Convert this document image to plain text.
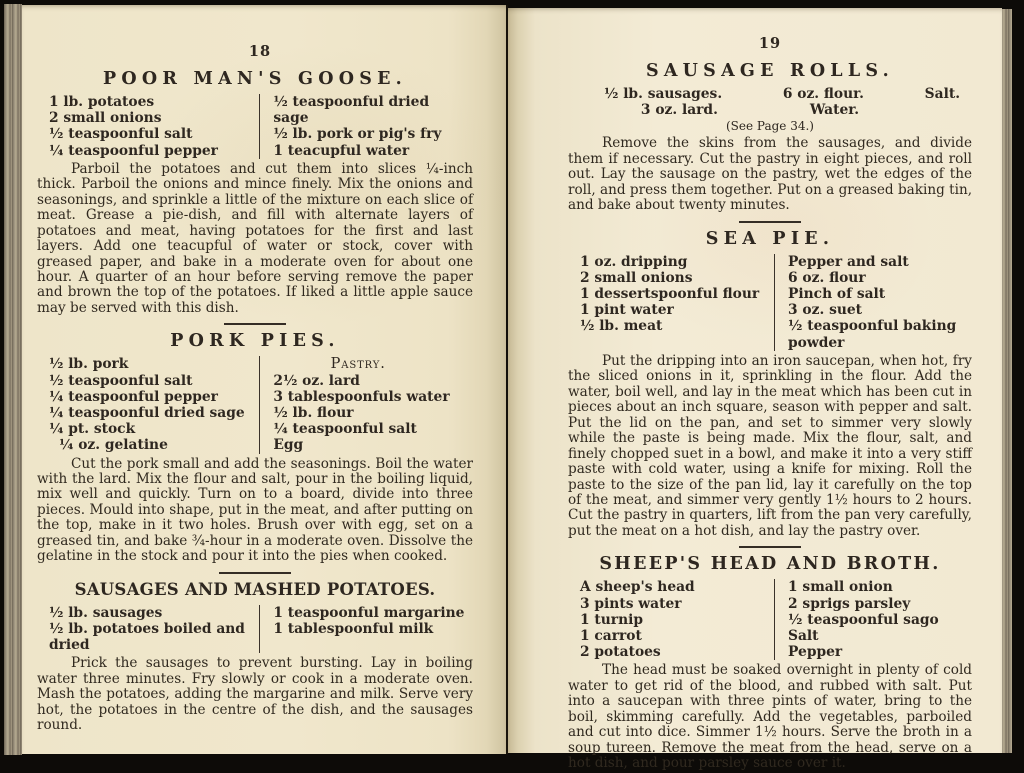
18
POOR MAN'S GOOSE.
1 lb. potatoes
2 small onions
½ teaspoonful salt
¼ teaspoonful pepper
½ teaspoonful dried sage
½ lb. pork or pig's fry
1 teacupful water

Parboil the potatoes and cut them into slices ¼-inch thick. Parboil the onions and mince finely. Mix the onions and seasonings, and sprinkle a little of the mixture on each slice of meat. Grease a pie-dish, and fill with alternate layers of potatoes and meat, having potatoes for the first and last layers. Add one teacupful of water or stock, cover with greased paper, and bake in a moderate oven for about one hour. A quarter of an hour before serving remove the paper and brown the top of the potatoes. If liked a little apple sauce may be served with this dish.

PORK PIES.
½ lb. pork
½ teaspoonful salt
¼ teaspoonful pepper
¼ teaspoonful dried sage
¼ pt. stock
¼ oz. gelatine
Pastry.
2½ oz. lard
3 tablespoonfuls water
½ lb. flour
¼ teaspoonful salt
Egg

Cut the pork small and add the seasonings. Boil the water with the lard. Mix the flour and salt, pour in the boiling liquid, mix well and quickly. Turn on to a board, divide into three pieces. Mould into shape, put in the meat, and after putting on the top, make in it two holes. Brush over with egg, set on a greased tin, and bake ¾-hour in a moderate oven. Dissolve the gelatine in the stock and pour it into the pies when cooked.

SAUSAGES AND MASHED POTATOES.
½ lb. sausages
½ lb. potatoes boiled and dried
1 teaspoonful margarine
1 tablespoonful milk

Prick the sausages to prevent bursting. Lay in boiling water three minutes. Fry slowly or cook in a moderate oven. Mash the potatoes, adding the margarine and milk. Serve very hot, the potatoes in the centre of the dish, and the sausages round.

19
SAUSAGE ROLLS.
½ lb. sausages.	6 oz. flour.	Salt.
3 oz. lard.	Water.
(See Page 34.)

Remove the skins from the sausages, and divide them if necessary. Cut the pastry in eight pieces, and roll out. Lay the sausage on the pastry, wet the edges of the roll, and press them together. Put on a greased baking tin, and bake about twenty minutes.

SEA PIE.
1 oz. dripping
2 small onions
1 dessertspoonful flour
1 pint water
½ lb. meat
Pepper and salt
6 oz. flour
Pinch of salt
3 oz. suet
½ teaspoonful baking powder

Put the dripping into an iron saucepan, when hot, fry the sliced onions in it, sprinkling in the flour. Add the water, boil well, and lay in the meat which has been cut in pieces about an inch square, season with pepper and salt. Put the lid on the pan, and set to simmer very slowly while the paste is being made. Mix the flour, salt, and finely chopped suet in a bowl, and make it into a very stiff paste with cold water, using a knife for mixing. Roll the paste to the size of the pan lid, lay it carefully on the top of the meat, and simmer very gently 1½ hours to 2 hours. Cut the pastry in quarters, lift from the pan very carefully, put the meat on a hot dish, and lay the pastry over.

SHEEP'S HEAD AND BROTH.
A sheep's head
3 pints water
1 turnip
1 carrot
2 potatoes
1 small onion
2 sprigs parsley
½ teaspoonful sago
Salt
Pepper

The head must be soaked overnight in plenty of cold water to get rid of the blood, and rubbed with salt. Put into a saucepan with three pints of water, bring to the boil, skimming carefully. Add the vegetables, parboiled and cut into dice. Simmer 1½ hours. Serve the broth in a soup tureen. Remove the meat from the head, serve on a hot dish, and pour parsley sauce over it.
